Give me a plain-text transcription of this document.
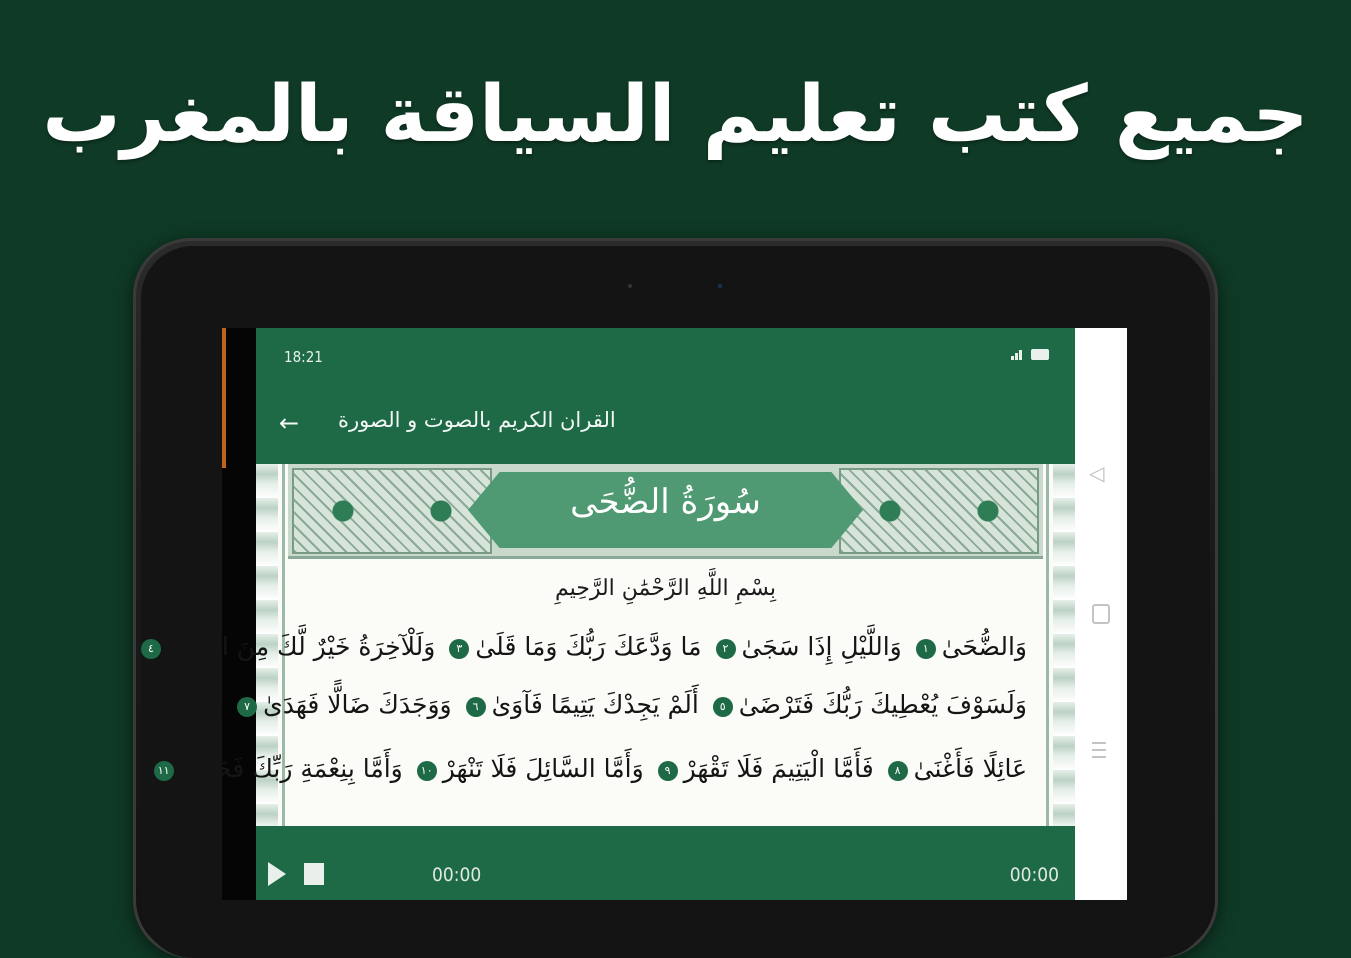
جميع كتب تعليم السياقة بالمغرب
18:21
← القران الكريم بالصوت و الصورة
سُورَةُ الضُّحَى
بِسْمِ اللَّهِ الرَّحْمَٰنِ الرَّحِيمِ
وَالضُّحَىٰ١ وَاللَّيْلِ إِذَا سَجَىٰ٢ مَا وَدَّعَكَ رَبُّكَ وَمَا قَلَىٰ٣ وَلَلْآخِرَةُ خَيْرٌ لَّكَ مِنَ الْأُولَىٰ٤
وَلَسَوْفَ يُعْطِيكَ رَبُّكَ فَتَرْضَىٰ٥ أَلَمْ يَجِدْكَ يَتِيمًا فَآوَىٰ٦ وَوَجَدَكَ ضَالًّا فَهَدَىٰ٧ وَوَجَدَكَ
عَائِلًا فَأَغْنَىٰ٨ فَأَمَّا الْيَتِيمَ فَلَا تَقْهَرْ٩ وَأَمَّا السَّائِلَ فَلَا تَنْهَرْ١٠ وَأَمَّا بِنِعْمَةِ رَبِّكَ فَحَدِّثْ١١
00:00	00:00
◁
